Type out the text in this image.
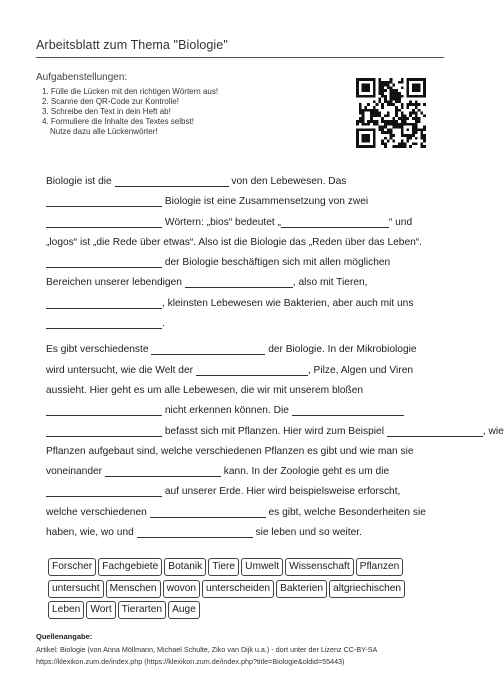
Arbeitsblatt zum Thema "Biologie"
Aufgabenstellungen:
1. Fülle die Lücken mit den richtigen Wörtern aus!
2. Scanne den QR-Code zur Kontrolle!
3. Schreibe den Text in dein Heft ab!
4. Formuliere die Inhalte des Textes selbst!
Nutze dazu alle Lückenwörter!
Biologie ist die	von den Lebewesen. Das
Biologie ist eine Zusammensetzung von zwei
Wörtern: „bios“ bedeutet „	“ und
„logos“ ist „die Rede über etwas“. Also ist die Biologie das „Reden über das Leben“.
der Biologie beschäftigen sich mit allen möglichen
Bereichen unserer lebendigen	, also mit Tieren,
, kleinsten Lebewesen wie Bakterien, aber auch mit uns
.
Es gibt verschiedenste	der Biologie. In der Mikrobiologie
wird untersucht, wie die Welt der	, Pilze, Algen und Viren
aussieht. Hier geht es um alle Lebewesen, die wir mit unserem bloßen
nicht erkennen können. Die
befasst sich mit Pflanzen. Hier wird zum Beispiel	, wie
Pflanzen aufgebaut sind, welche verschiedenen Pflanzen es gibt und wie man sie
voneinander	kann. In der Zoologie geht es um die
auf unserer Erde. Hier wird beispielsweise erforscht,
welche verschiedenen	es gibt, welche Besonderheiten sie
haben, wie, wo und	sie leben und so weiter.
Forscher Fachgebiete Botanik Tiere Umwelt Wissenschaft Pflanzen
untersucht Menschen wovon unterscheiden Bakterien altgriechischen
Leben Wort Tierarten Auge
Quellenangabe:
Artikel: Biologie (von Anna Möllmann, Michael Schulte, Ziko van Dijk u.a.) - dort unter der Lizenz CC-BY-SA
https://klexikon.zum.de/index.php (https://klexikon.zum.de/index.php?title=Biologie&oldid=55443)
